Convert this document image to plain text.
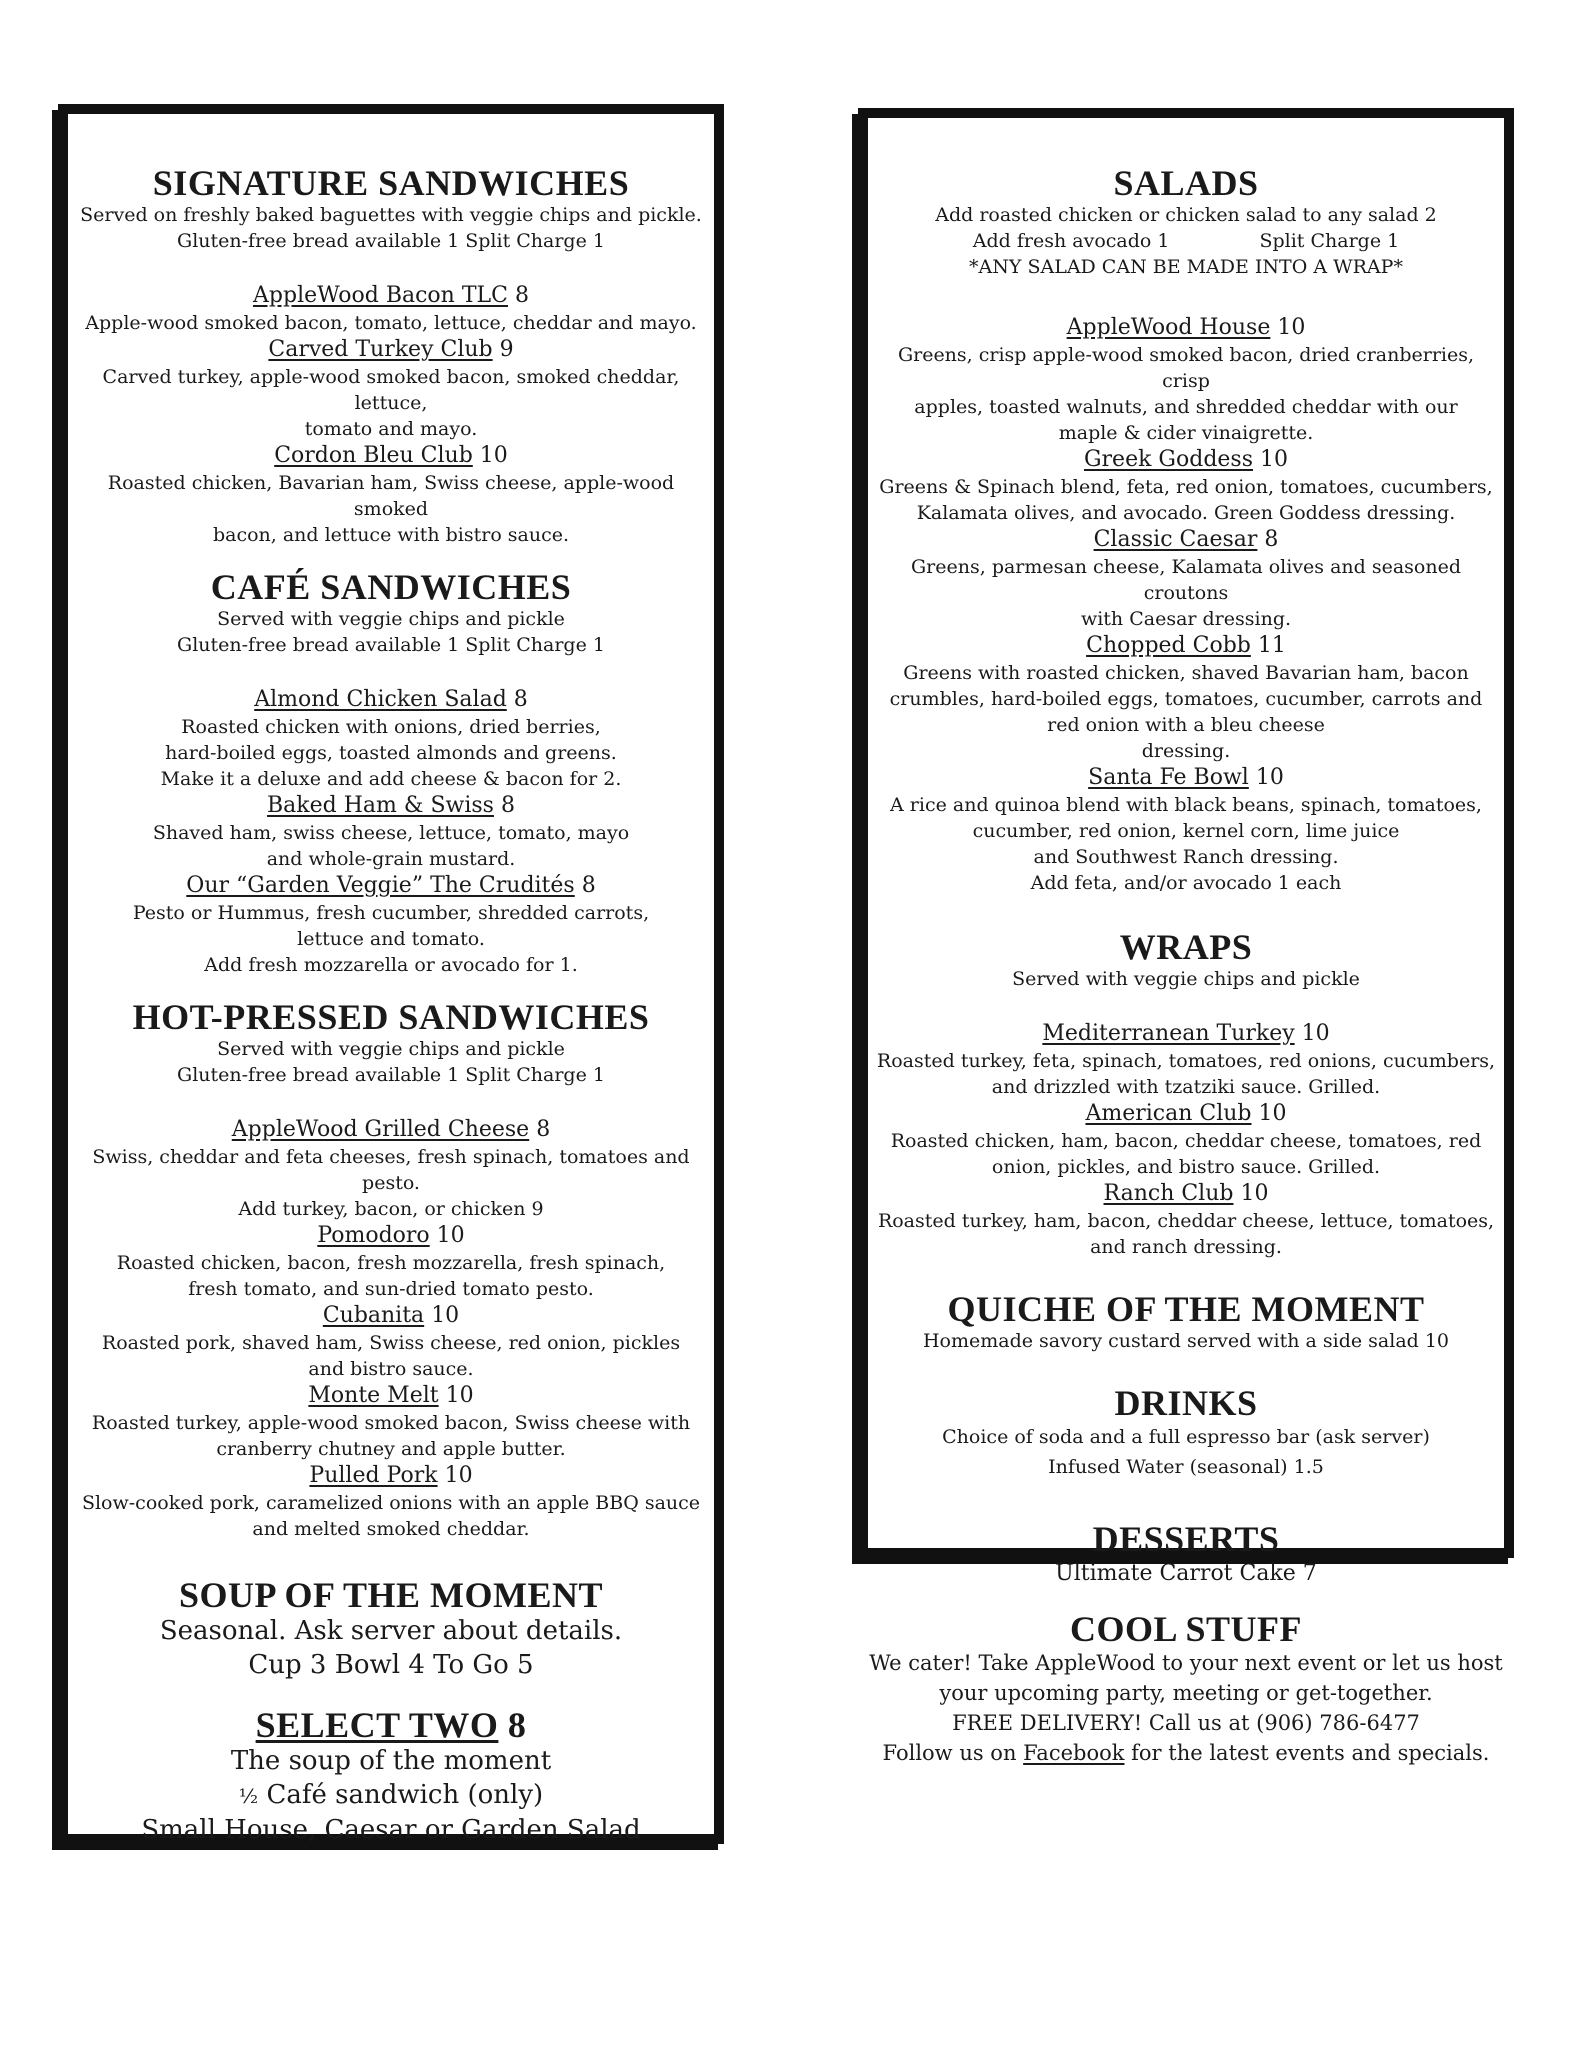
SIGNATURE SANDWICHES

Served on freshly baked baguettes with veggie chips and pickle.

Gluten-free bread available 1 Split Charge 1

AppleWood Bacon TLC 8

Apple-wood smoked bacon, tomato, lettuce, cheddar and mayo.

Carved Turkey Club 9

Carved turkey, apple-wood smoked bacon, smoked cheddar, lettuce,

tomato and mayo.

Cordon Bleu Club 10

Roasted chicken, Bavarian ham, Swiss cheese, apple-wood smoked

bacon, and lettuce with bistro sauce.

CAFÉ SANDWICHES

Served with veggie chips and pickle

Gluten-free bread available 1 Split Charge 1

Almond Chicken Salad 8

Roasted chicken with onions, dried berries,

hard-boiled eggs, toasted almonds and greens.

Make it a deluxe and add cheese & bacon for 2.

Baked Ham & Swiss 8

Shaved ham, swiss cheese, lettuce, tomato, mayo

and whole-grain mustard.

Our “Garden Veggie” The Crudités 8

Pesto or Hummus, fresh cucumber, shredded carrots,

lettuce and tomato.

Add fresh mozzarella or avocado for 1.

HOT-PRESSED SANDWICHES

Served with veggie chips and pickle

Gluten-free bread available 1 Split Charge 1

AppleWood Grilled Cheese 8

Swiss, cheddar and feta cheeses, fresh spinach, tomatoes and pesto.

Add turkey, bacon, or chicken 9

Pomodoro 10

Roasted chicken, bacon, fresh mozzarella, fresh spinach,

fresh tomato, and sun-dried tomato pesto.

Cubanita 10

Roasted pork, shaved ham, Swiss cheese, red onion, pickles

and bistro sauce.

Monte Melt 10

Roasted turkey, apple-wood smoked bacon, Swiss cheese with

cranberry chutney and apple butter.

Pulled Pork 10

Slow-cooked pork, caramelized onions with an apple BBQ sauce

and melted smoked cheddar.

SOUP OF THE MOMENT

Seasonal. Ask server about details.

Cup 3 Bowl 4 To Go 5

SELECT TWO 8

The soup of the moment

½ Café sandwich (only)

Small House, Caesar or Garden Salad

SALADS

Add roasted chicken or chicken salad to any salad 2

Add fresh avocado 1	Split Charge 1

*ANY SALAD CAN BE MADE INTO A WRAP*

AppleWood House 10

Greens, crisp apple-wood smoked bacon, dried cranberries, crisp

apples, toasted walnuts, and shredded cheddar with our

maple & cider vinaigrette.

Greek Goddess 10

Greens & Spinach blend, feta, red onion, tomatoes, cucumbers,

Kalamata olives, and avocado. Green Goddess dressing.

Classic Caesar 8

Greens, parmesan cheese, Kalamata olives and seasoned croutons

with Caesar dressing.

Chopped Cobb 11

Greens with roasted chicken, shaved Bavarian ham, bacon

crumbles, hard-boiled eggs, tomatoes, cucumber, carrots and

red onion with a bleu cheese

dressing.

Santa Fe Bowl 10

A rice and quinoa blend with black beans, spinach, tomatoes,

cucumber, red onion, kernel corn, lime juice

and Southwest Ranch dressing.

Add feta, and/or avocado 1 each

WRAPS

Served with veggie chips and pickle

Mediterranean Turkey 10

Roasted turkey, feta, spinach, tomatoes, red onions, cucumbers,

and drizzled with tzatziki sauce. Grilled.

American Club 10

Roasted chicken, ham, bacon, cheddar cheese, tomatoes, red

onion, pickles, and bistro sauce. Grilled.

Ranch Club 10

Roasted turkey, ham, bacon, cheddar cheese, lettuce, tomatoes,

and ranch dressing.

QUICHE OF THE MOMENT

Homemade savory custard served with a side salad 10

DRINKS

Choice of soda and a full espresso bar (ask server)

Infused Water (seasonal) 1.5

DESSERTS

Ultimate Carrot Cake 7

COOL STUFF

We cater! Take AppleWood to your next event or let us host

your upcoming party, meeting or get-together.

FREE DELIVERY! Call us at (906) 786-6477

Follow us on Facebook for the latest events and specials.
